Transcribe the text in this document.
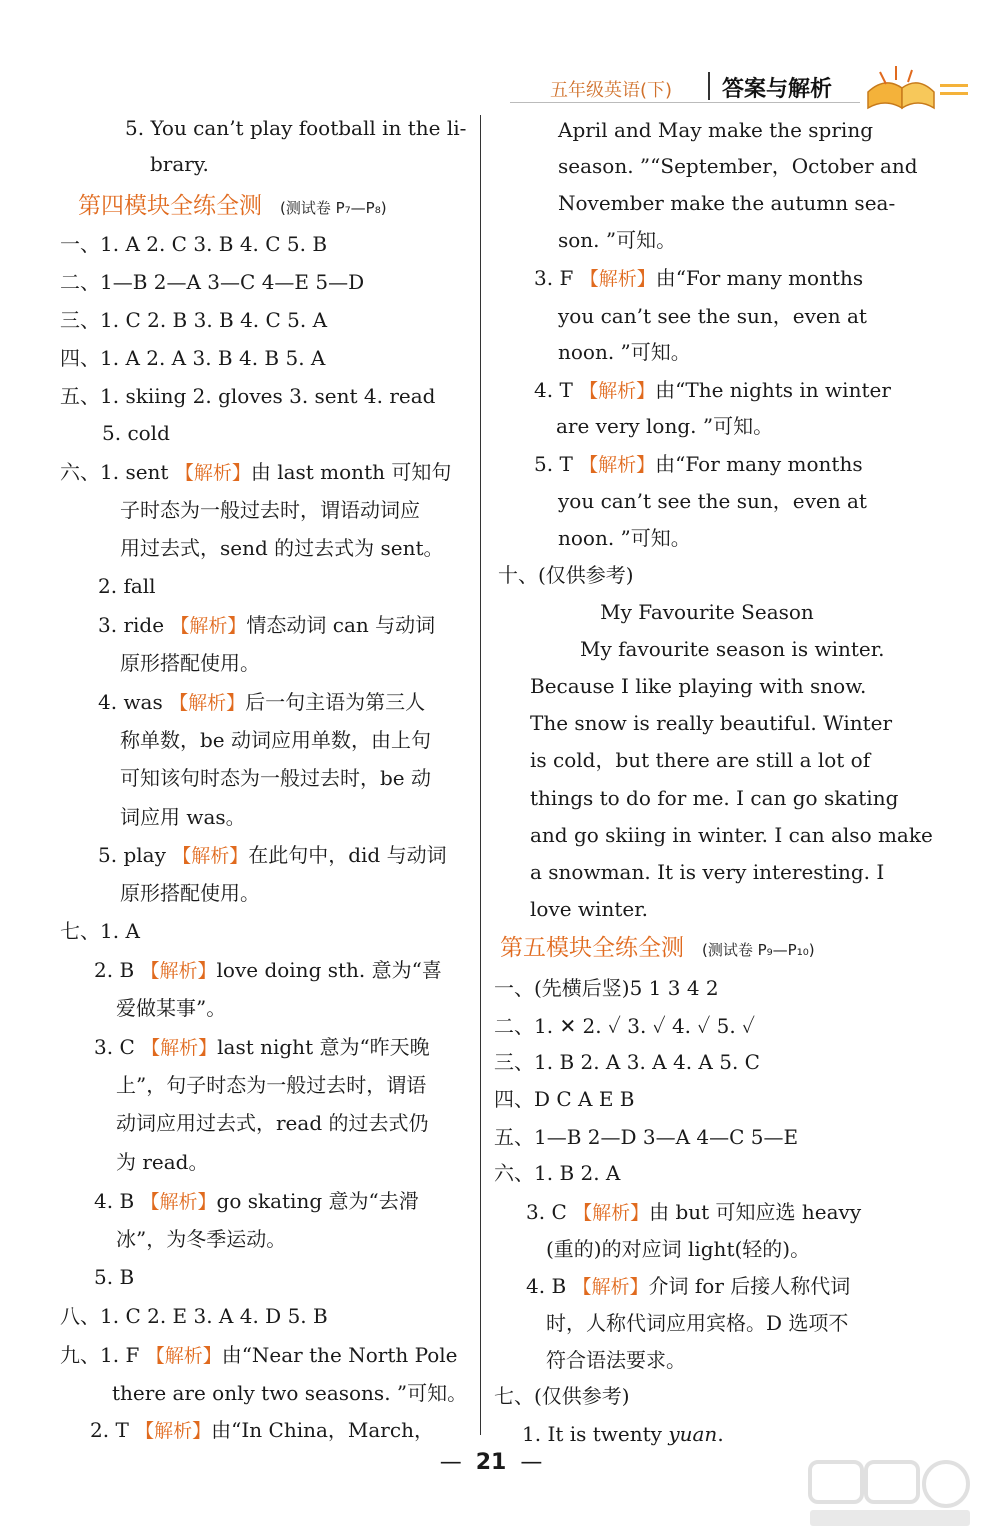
五年级英语(下) 答案与解析
5. You can’t play football in the li-
brary.
第四模块全练全测 (测试卷 P₇—P₈)
一、1. A 2. C 3. B 4. C 5. B
二、1—B 2—A 3—C 4—E 5—D
三、1. C 2. B 3. B 4. C 5. A
四、1. A 2. A 3. B 4. B 5. A
五、1. skiing 2. gloves 3. sent 4. read
5. cold
六、1. sent 【解析】由 last month 可知句
子时态为一般过去时，谓语动词应
用过去式，send 的过去式为 sent。
2. fall
3. ride 【解析】情态动词 can 与动词
原形搭配使用。
4. was 【解析】后一句主语为第三人
称单数，be 动词应用单数，由上句
可知该句时态为一般过去时，be 动
词应用 was。
5. play 【解析】在此句中，did 与动词
原形搭配使用。
七、1. A
2. B 【解析】love doing sth. 意为“喜
爱做某事”。
3. C 【解析】last night 意为“昨天晚
上”，句子时态为一般过去时，谓语
动词应用过去式，read 的过去式仍
为 read。
4. B 【解析】go skating 意为“去滑
冰”，为冬季运动。
5. B
八、1. C 2. E 3. A 4. D 5. B
九、1. F 【解析】由“Near the North Pole
there are only two seasons. ”可知。
2. T 【解析】由“In China，March，
April and May make the spring
season. ”“September，October and
November make the autumn sea-
son. ”可知。
3. F 【解析】由“For many months
you can’t see the sun，even at
noon. ”可知。
4. T 【解析】由“The nights in winter
are very long. ”可知。
5. T 【解析】由“For many months
you can’t see the sun，even at
noon. ”可知。
十、(仅供参考)
My Favourite Season
My favourite season is winter.
Because I like playing with snow.
The snow is really beautiful. Winter
is cold，but there are still a lot of
things to do for me. I can go skating
and go skiing in winter. I can also make
a snowman. It is very interesting. I
love winter.
第五模块全练全测 (测试卷 P₉—P₁₀)
一、(先横后竖)5 1 3 4 2
二、1. ✕ 2. ✓ 3. ✓ 4. ✓ 5. ✓
三、1. B 2. A 3. A 4. A 5. C
四、D C A E B
五、1—B 2—D 3—A 4—C 5—E
六、1. B 2. A
3. C 【解析】由 but 可知应选 heavy
(重的)的对应词 light(轻的)。
4. B 【解析】介词 for 后接人称代词
时，人称代词应用宾格。D 选项不
符合语法要求。
七、(仅供参考)
1. It is twenty yuan.
— 21 —
